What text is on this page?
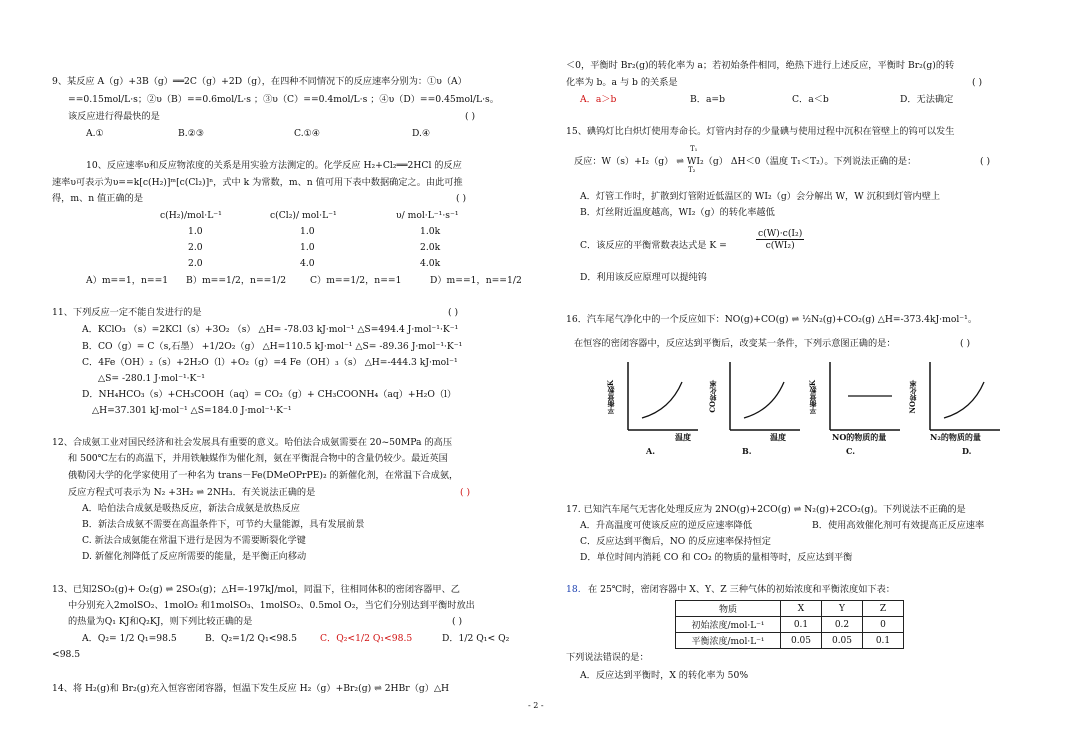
9、某反应 A（g）+3B（g）══2C（g）+2D（g），在四种不同情况下的反应速率分别为：①υ（A）
==0.15mol/L·s；②υ（B）==0.6mol/L·s ；③υ（C）==0.4mol/L·s ；④υ（D）==0.45mol/L·s。
该反应进行得最快的是	( )
A.①	B.②③	C.①④	D.④
10、反应速率υ和反应物浓度的关系是用实验方法测定的。化学反应 H₂+Cl₂══2HCl 的反应
速率υ可表示为υ==k[c(H₂)]ᵐ[c(Cl₂)]ⁿ，式中 k 为常数，m、n 值可用下表中数据确定之。由此可推
得，m、n 值正确的是	( )
c(H₂)/mol·L⁻¹	c(Cl₂)/ mol·L⁻¹	υ/ mol·L⁻¹·s⁻¹
1.0	1.0	1.0k
2.0	1.0	2.0k
2.0	4.0	4.0k
A）m==1，n==1 B）m==1/2，n==1/2	C）m==1/2，n==1	D）m==1，n==1/2
11、下列反应一定不能自发进行的是	( )
A．KClO₃ （s）=2KCl（s）+3O₂ （s） △H= -78.03 kJ·mol⁻¹ △S=494.4 J·mol⁻¹·K⁻¹
B．CO（g）= C（s,石墨） +1/2O₂（g） △H=110.5 kJ·mol⁻¹ △S= -89.36 J·mol⁻¹·K⁻¹
C．4Fe（OH）₂（s）+2H₂O（l）+O₂（g）=4 Fe（OH）₃（s） △H=-444.3 kJ·mol⁻¹
△S= -280.1 J·mol⁻¹·K⁻¹
D．NH₄HCO₃（s）+CH₃COOH（aq）= CO₂（g）+ CH₃COONH₄（aq）+H₂O（l）
△H=37.301 kJ·mol⁻¹ △S=184.0 J·mol⁻¹·K⁻¹
12、合成氨工业对国民经济和社会发展具有重要的意义。哈伯法合成氨需要在 20~50MPa 的高压
和 500℃左右的高温下，并用铁触媒作为催化剂，氨在平衡混合物中的含量仍较少。最近英国
俄勒冈大学的化学家使用了一种名为 trans－Fe(DMeOPrPE)₂ 的新催化剂，在常温下合成氨，
反应方程式可表示为 N₂ +3H₂ ⇌ 2NH₃．有关说法正确的是	( )
A．哈伯法合成氨是吸热反应，新法合成氨是放热反应
B．新法合成氨不需要在高温条件下，可节约大量能源，具有发展前景
C. 新法合成氨能在常温下进行是因为不需要断裂化学键
D. 新催化剂降低了反应所需要的能量，是平衡正向移动
13、已知2SO₂(g)+ O₂(g) ⇌ 2SO₃(g)；△H=-197kJ/mol，同温下，往相同体积的密闭容器甲、乙
中分别充入2molSO₂、1molO₂ 和1molSO₃、1molSO₂、0.5mol O₂，当它们分别达到平衡时放出
的热量为Q₁ KJ和Q₂KJ，则下列比较正确的是	( )
A．Q₂= 1/2 Q₁=98.5	B．Q₂=1/2 Q₁<98.5	C．Q₂<1/2 Q₁<98.5	D．1/2 Q₁< Q₂
<98.5
14、将 H₂(g)和 Br₂(g)充入恒容密闭容器，恒温下发生反应 H₂（g）+Br₂(g) ⇌ 2HBr（g）△H
＜0，平衡时 Br₂(g)的转化率为 a；若初始条件相同，绝热下进行上述反应，平衡时 Br₂(g)的转
化率为 b。a 与 b 的关系是	( )
A．a＞b	B．a=b	C．a＜b	D．无法确定
15、碘钨灯比白炽灯使用寿命长。灯管内封存的少量碘与使用过程中沉积在管壁上的钨可以发生
T₁
T₂
反应：W（s）+I₂（g） ⇌ WI₂（g） ΔH＜0（温度 T₁＜T₂）。下列说法正确的是：	( )
A．灯管工作时，扩散到灯管附近低温区的 WI₂（g）会分解出 W，W 沉积到灯管内壁上
B．灯丝附近温度越高，WI₂（g）的转化率越低
C．该反应的平衡常数表达式是 K =	$\frac{\text{c(W)·c(I₂)}}{\text{c(WI₂)}}$
D．利用该反应原理可以提纯钨
16．汽车尾气净化中的一个反应如下：NO(g)+CO(g) ⇌ ½N₂(g)+CO₂(g) △H=-373.4kJ·mol⁻¹。
在恒容的密闭容器中，反应达到平衡后，改变某一条件，下列示意图正确的是：	( )
平衡常数K
温度
A.
CO转化率
温度
B.
平衡常数K
NO的物质的量
C.
NO转化率
N₂的物质的量
D.
17. 已知汽车尾气无害化处理反应为 2NO(g)+2CO(g) ⇌ N₂(g)+2CO₂(g)。下列说法不正确的是
A．升高温度可使该反应的逆反应速率降低	B．使用高效催化剂可有效提高正反应速率
C．反应达到平衡后，NO 的反应速率保持恒定
D．单位时间内消耗 CO 和 CO₂ 的物质的量相等时，反应达到平衡
18. 在 25℃时，密闭容器中 X、Y、Z 三种气体的初始浓度和平衡浓度如下表：
物质	X	Y	Z
初始浓度/mol·L⁻¹	0.1	0.2	0
平衡浓度/mol·L⁻¹	0.05	0.05	0.1
下列说法错误的是：
A．反应达到平衡时，X 的转化率为 50%
- 2 -
